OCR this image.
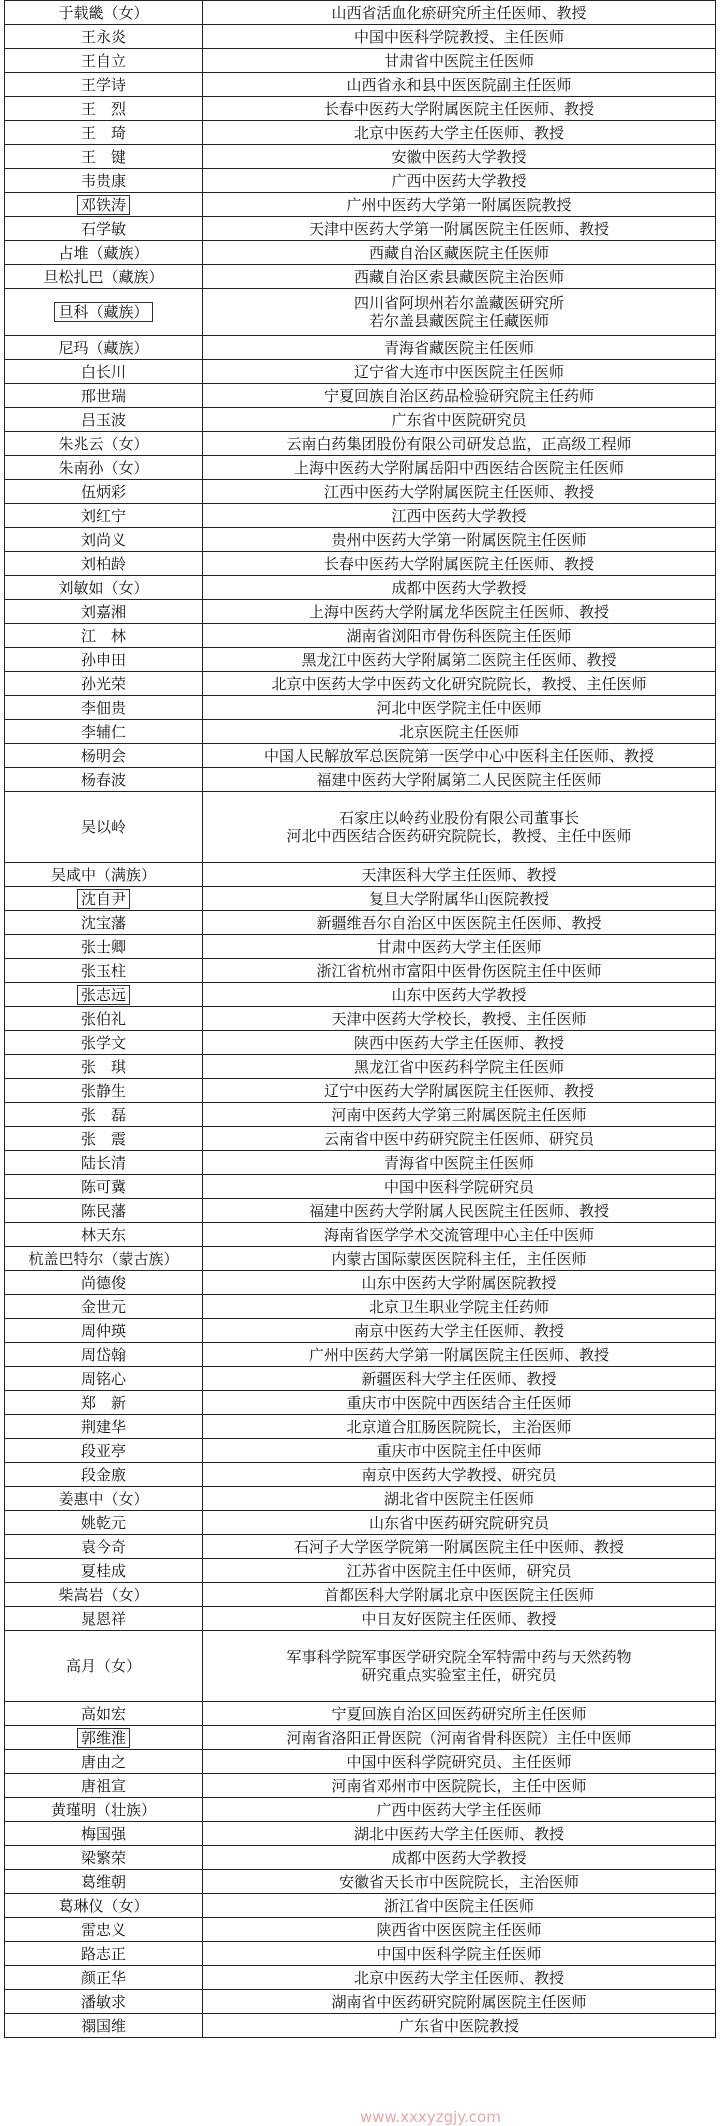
于载畿（女）	山西省活血化瘀研究所主任医师、教授

王永炎	中国中医科学院教授、主任医师

王自立	甘肃省中医院主任医师

王学诗	山西省永和县中医医院副主任医师

王　烈	长春中医药大学附属医院主任医师、教授

王　琦	北京中医药大学主任医师、教授

王　键	安徽中医药大学教授

韦贵康	广西中医药大学教授

邓铁涛	广州中医药大学第一附属医院教授

石学敏	天津中医药大学第一附属医院主任医师、教授

占堆（藏族）	西藏自治区藏医院主任医师

旦松扎巴（藏族）	西藏自治区索县藏医院主治医师

旦科（藏族）	四川省阿坝州若尔盖藏医研究所
若尔盖县藏医院主任藏医师

尼玛（藏族）	青海省藏医院主任医师

白长川	辽宁省大连市中医医院主任医师

邢世瑞	宁夏回族自治区药品检验研究院主任药师

吕玉波	广东省中医院研究员

朱兆云（女）	云南白药集团股份有限公司研发总监，正高级工程师

朱南孙（女）	上海中医药大学附属岳阳中西医结合医院主任医师

伍炳彩	江西中医药大学附属医院主任医师、教授

刘红宁	江西中医药大学教授

刘尚义	贵州中医药大学第一附属医院主任医师

刘柏龄	长春中医药大学附属医院主任医师、教授

刘敏如（女）	成都中医药大学教授

刘嘉湘	上海中医药大学附属龙华医院主任医师、教授

江　林	湖南省浏阳市骨伤科医院主任医师

孙申田	黑龙江中医药大学附属第二医院主任医师、教授

孙光荣	北京中医药大学中医药文化研究院院长，教授、主任医师

李佃贵	河北中医学院主任中医师

李辅仁	北京医院主任医师

杨明会	中国人民解放军总医院第一医学中心中医科主任医师、教授

杨春波	福建中医药大学附属第二人民医院主任医师

吴以岭	石家庄以岭药业股份有限公司董事长
河北中西医结合医药研究院院长，教授、主任中医师

吴咸中（满族）	天津医科大学主任医师、教授

沈自尹	复旦大学附属华山医院教授

沈宝藩	新疆维吾尔自治区中医医院主任医师、教授

张士卿	甘肃中医药大学主任医师

张玉柱	浙江省杭州市富阳中医骨伤医院主任中医师

张志远	山东中医药大学教授

张伯礼	天津中医药大学校长，教授、主任医师

张学文	陕西中医药大学主任医师、教授

张　琪	黑龙江省中医药科学院主任医师

张静生	辽宁中医药大学附属医院主任医师、教授

张　磊	河南中医药大学第三附属医院主任医师

张　震	云南省中医中药研究院主任医师、研究员

陆长清	青海省中医院主任医师

陈可冀	中国中医科学院研究员

陈民藩	福建中医药大学附属人民医院主任医师、教授

林天东	海南省医学学术交流管理中心主任中医师

杭盖巴特尔（蒙古族）	内蒙古国际蒙医医院科主任，主任医师

尚德俊	山东中医药大学附属医院教授

金世元	北京卫生职业学院主任药师

周仲瑛	南京中医药大学主任医师、教授

周岱翰	广州中医药大学第一附属医院主任医师、教授

周铭心	新疆医科大学主任医师、教授

郑　新	重庆市中医院中西医结合主任医师

荆建华	北京道合肛肠医院院长，主治医师

段亚亭	重庆市中医院主任中医师

段金廒	南京中医药大学教授、研究员

姜惠中（女）	湖北省中医院主任医师

姚乾元	山东省中医药研究院研究员

袁今奇	石河子大学医学院第一附属医院主任中医师、教授

夏桂成	江苏省中医院主任中医师，研究员

柴嵩岩（女）	首都医科大学附属北京中医医院主任医师

晁恩祥	中日友好医院主任医师、教授

高月（女）	军事科学院军事医学研究院全军特需中药与天然药物
研究重点实验室主任，研究员

高如宏	宁夏回族自治区回医药研究所主任医师

郭维淮	河南省洛阳正骨医院（河南省骨科医院）主任中医师

唐由之	中国中医科学院研究员、主任医师

唐祖宣	河南省邓州市中医院院长，主任中医师

黄瑾明（壮族）	广西中医药大学主任医师

梅国强	湖北中医药大学主任医师、教授

梁繁荣	成都中医药大学教授

葛维朝	安徽省天长市中医院院长，主治医师

葛琳仪（女）	浙江省中医院主任医师

雷忠义	陕西省中医医院主任医师

路志正	中国中医科学院主任医师

颜正华	北京中医药大学主任医师、教授

潘敏求	湖南省中医药研究院附属医院主任医师

禤国维	广东省中医院教授
www.xxxyzgjy.com
